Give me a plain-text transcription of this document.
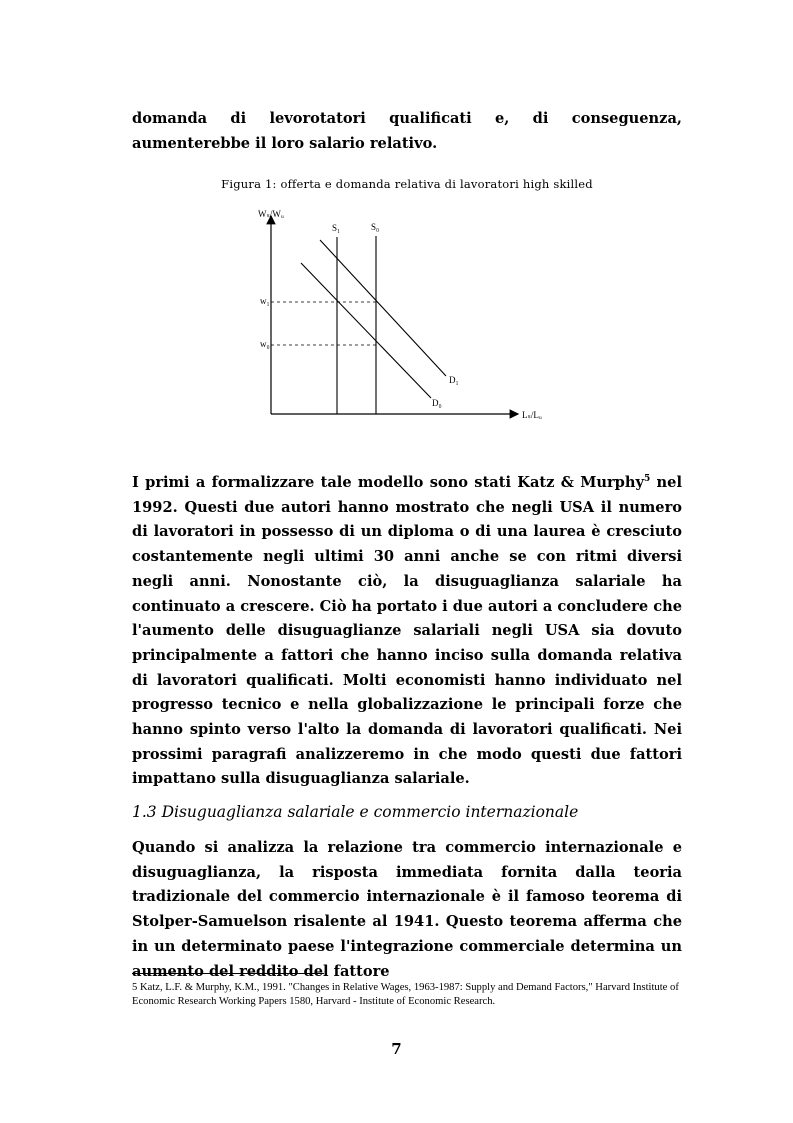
domanda di levorotatori qualificati e, di conseguenza, aumenterebbe il loro salario relativo.

Figura 1: offerta e domanda relativa di lavoratori high skilled

Wₛ/Wᵤ
Lₛ/Lᵤ
S₁	S₀
D₁
D₀
w₁
w₀

I primi a formalizzare tale modello sono stati Katz & Murphy$^5$ nel 1992. Questi due autori hanno mostrato che negli USA il numero di lavoratori in possesso di un diploma o di una laurea è cresciuto costantemente negli ultimi 30 anni anche se con ritmi diversi negli anni. Nonostante ciò, la disuguaglianza salariale ha continuato a crescere. Ciò ha portato i due autori a concludere che l'aumento delle disuguaglianze salariali negli USA sia dovuto principalmente a fattori che hanno inciso sulla domanda relativa di lavoratori qualificati. Molti economisti hanno individuato nel progresso tecnico e nella globalizzazione le principali forze che hanno spinto verso l'alto la domanda di lavoratori qualificati. Nei prossimi paragrafi analizzeremo in che modo questi due fattori impattano sulla disuguaglianza salariale.

1.3 Disuguaglianza salariale e commercio internazionale

Quando si analizza la relazione tra commercio internazionale e disuguaglianza, la risposta immediata fornita dalla teoria tradizionale del commercio internazionale è il famoso teorema di Stolper-Samuelson risalente al 1941. Questo teorema afferma che in un determinato paese l'integrazione commerciale determina un aumento del reddito del fattore

5 Katz, L.F. & Murphy, K.M., 1991. "Changes in Relative Wages, 1963-1987: Supply and Demand Factors," Harvard Institute of Economic Research Working Papers 1580, Harvard - Institute of Economic Research.

7
